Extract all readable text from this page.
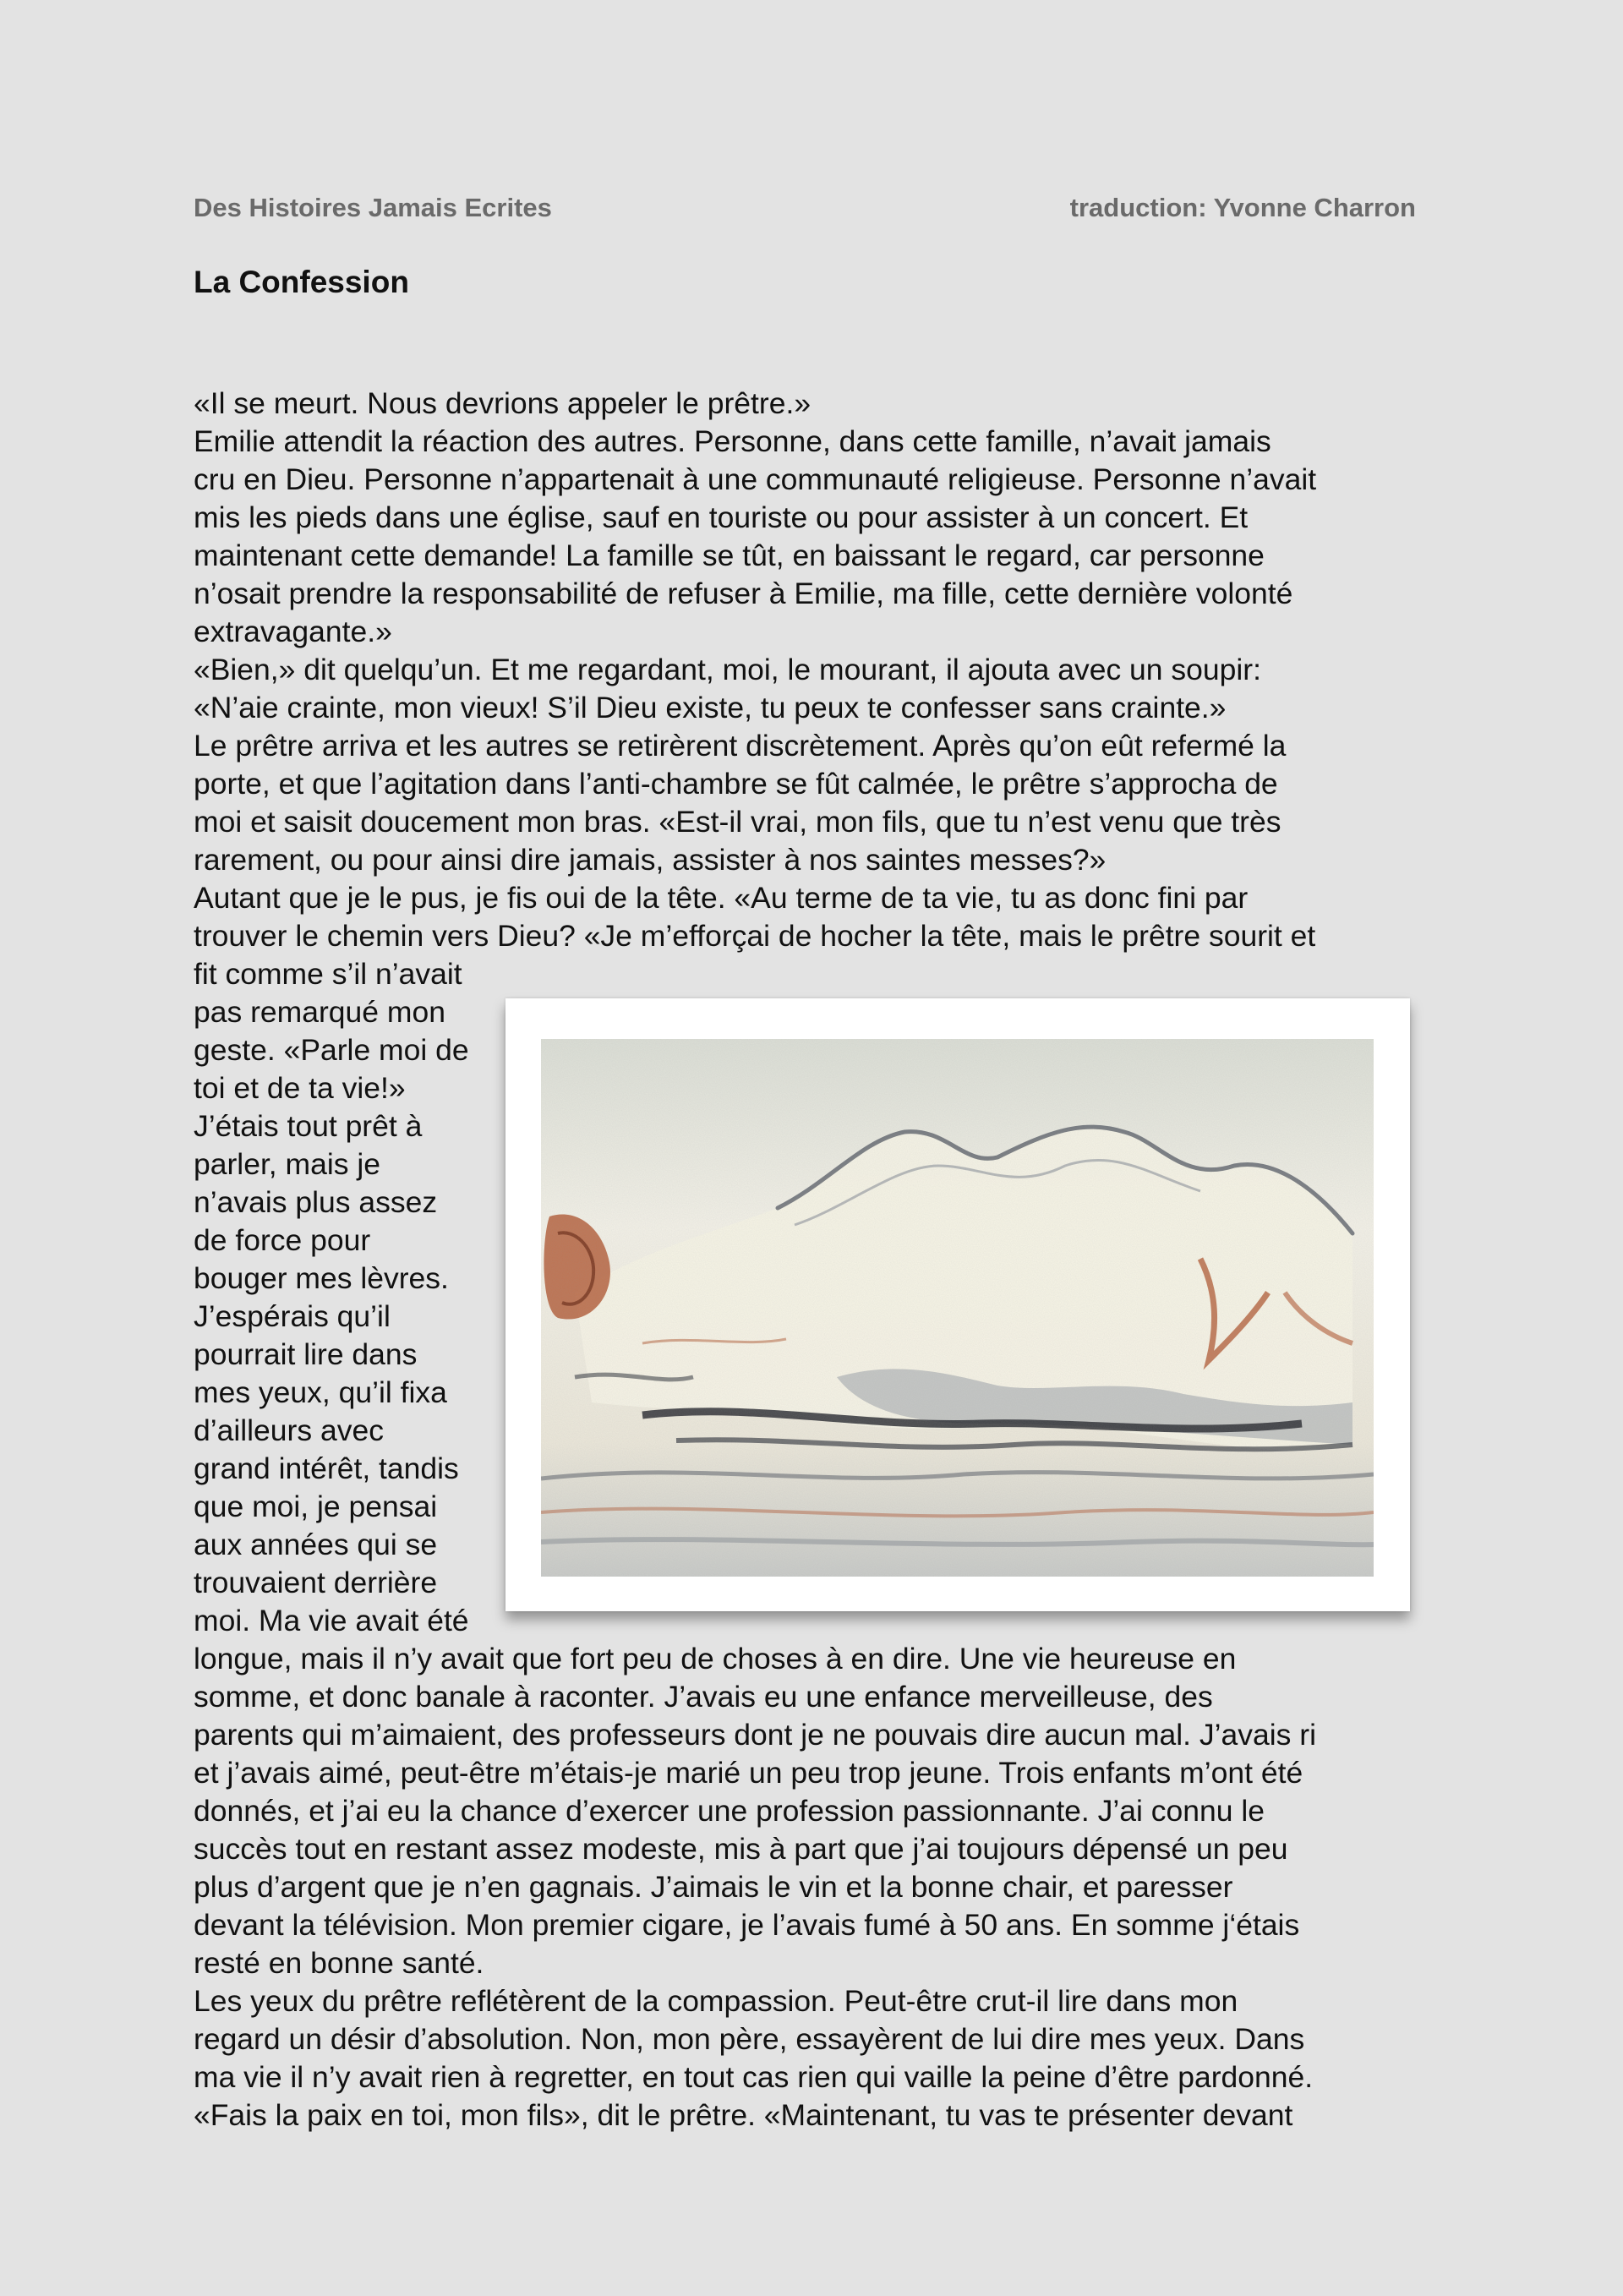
Des Histoires Jamais Ecrites	traduction: Yvonne Charron
La Confession
«Il se meurt. Nous devrions appeler le prêtre.»
Emilie attendit la réaction des autres. Personne, dans cette famille, n’avait jamais
cru en Dieu. Personne n’appartenait à une communauté religieuse. Personne n’avait
mis les pieds dans une église, sauf en touriste ou pour assister à un concert. Et
maintenant cette demande! La famille se tût, en baissant le regard, car personne
n’osait prendre la responsabilité de refuser à Emilie, ma fille, cette dernière volonté
extravagante.»
«Bien,» dit quelqu’un. Et me regardant, moi, le mourant, il ajouta avec un soupir:
«N’aie crainte, mon vieux! S’il Dieu existe, tu peux te confesser sans crainte.»
Le prêtre arriva et les autres se retirèrent discrètement. Après qu’on eût refermé la
porte, et que l’agitation dans l’anti-chambre se fût calmée, le prêtre s’approcha de
moi et saisit doucement mon bras. «Est-il vrai, mon fils, que tu n’est venu que très
rarement, ou pour ainsi dire jamais, assister à nos saintes messes?»
Autant que je le pus, je fis oui de la tête. «Au terme de ta vie, tu as donc fini par
trouver le chemin vers Dieu? «Je m’efforçai de hocher la tête, mais le prêtre sourit et
fit comme s’il n’avait
pas remarqué mon
geste. «Parle moi de
toi et de ta vie!»
J’étais tout prêt à
parler, mais je
n’avais plus assez
de force pour
bouger mes lèvres.
J’espérais qu’il
pourrait lire dans
mes yeux, qu’il fixa
d’ailleurs avec
grand intérêt, tandis
que moi, je pensai
aux années qui se
trouvaient derrière
moi. Ma vie avait été
longue, mais il n’y avait que fort peu de choses à en dire. Une vie heureuse en
somme, et donc banale à raconter. J’avais eu une enfance merveilleuse, des
parents qui m’aimaient, des professeurs dont je ne pouvais dire aucun mal. J’avais ri
et j’avais aimé, peut-être m’étais-je marié un peu trop jeune. Trois enfants m’ont été
donnés, et j’ai eu la chance d’exercer une profession passionnante. J’ai connu le
succès tout en restant assez modeste, mis à part que j’ai toujours dépensé un peu
plus d’argent que je n’en gagnais. J’aimais le vin et la bonne chair, et paresser
devant la télévision. Mon premier cigare, je l’avais fumé à 50 ans. En somme j‘étais
resté en bonne santé.
Les yeux du prêtre reflétèrent de la compassion. Peut-être crut-il lire dans mon
regard un désir d’absolution. Non, mon père, essayèrent de lui dire mes yeux. Dans
ma vie il n’y avait rien à regretter, en tout cas rien qui vaille la peine d’être pardonné.
«Fais la paix en toi, mon fils», dit le prêtre. «Maintenant, tu vas te présenter devant
